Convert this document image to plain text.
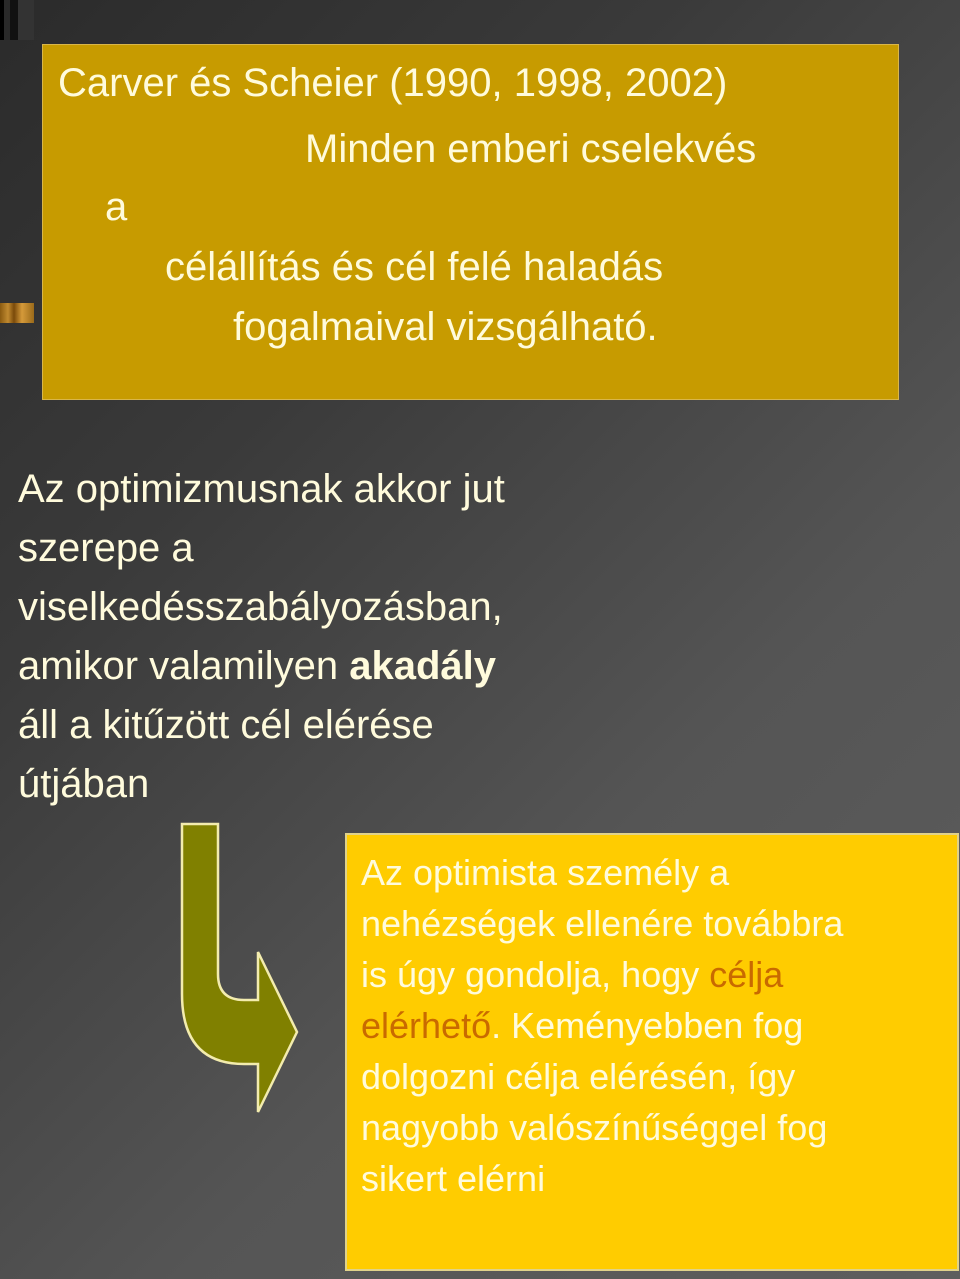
Carver és Scheier (1990, 1998, 2002)
Minden emberi cselekvés
a
célállítás és cél felé haladás
fogalmaival vizsgálható.
Az optimizmusnak akkor jut
szerepe a
viselkedésszabályozásban,
amikor valamilyen akadály
áll a kitűzött cél elérése
útjában
Az optimista személy a
nehézségek ellenére továbbra
is úgy gondolja, hogy célja
elérhető. Keményebben fog
dolgozni célja elérésén, így
nagyobb valószínűséggel fog
sikert elérni
